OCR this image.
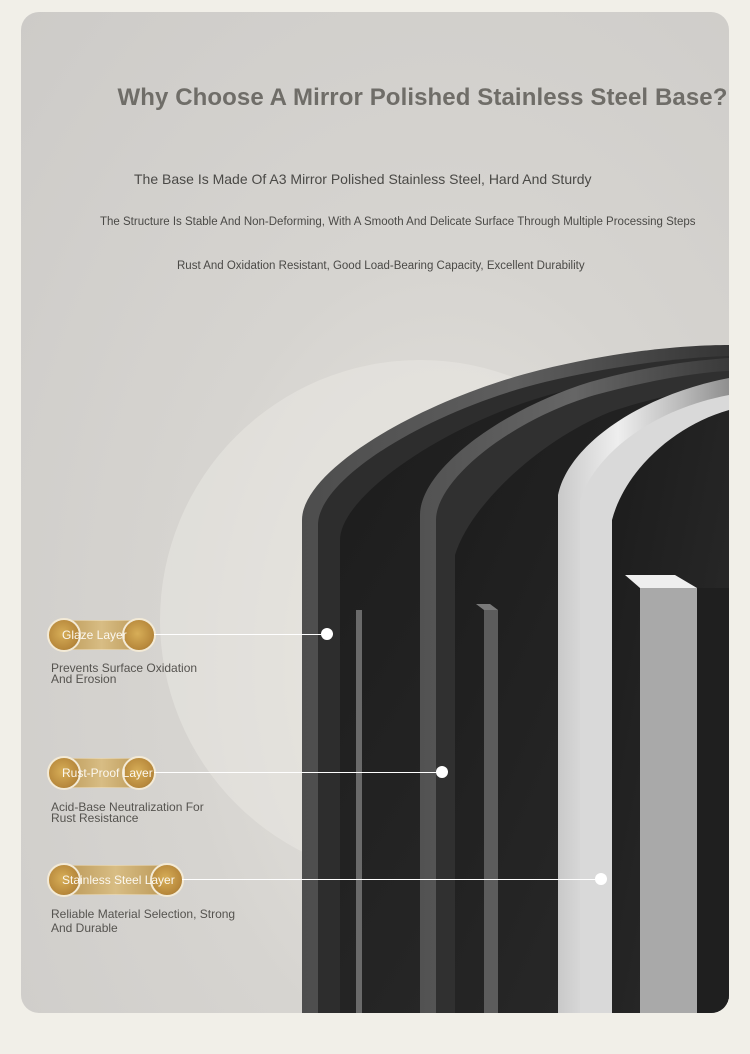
Why Choose A Mirror Polished Stainless Steel Base?
The Base Is Made Of A3 Mirror Polished Stainless Steel, Hard And Sturdy
The Structure Is Stable And Non-Deforming, With A Smooth And Delicate Surface Through Multiple Processing Steps
Rust And Oxidation Resistant, Good Load-Bearing Capacity, Excellent Durability
Glaze Layer
Prevents Surface Oxidation
And Erosion
Rust-Proof Layer
Acid-Base Neutralization For
Rust Resistance
Stainless Steel Layer
Reliable Material Selection, Strong
And Durable
